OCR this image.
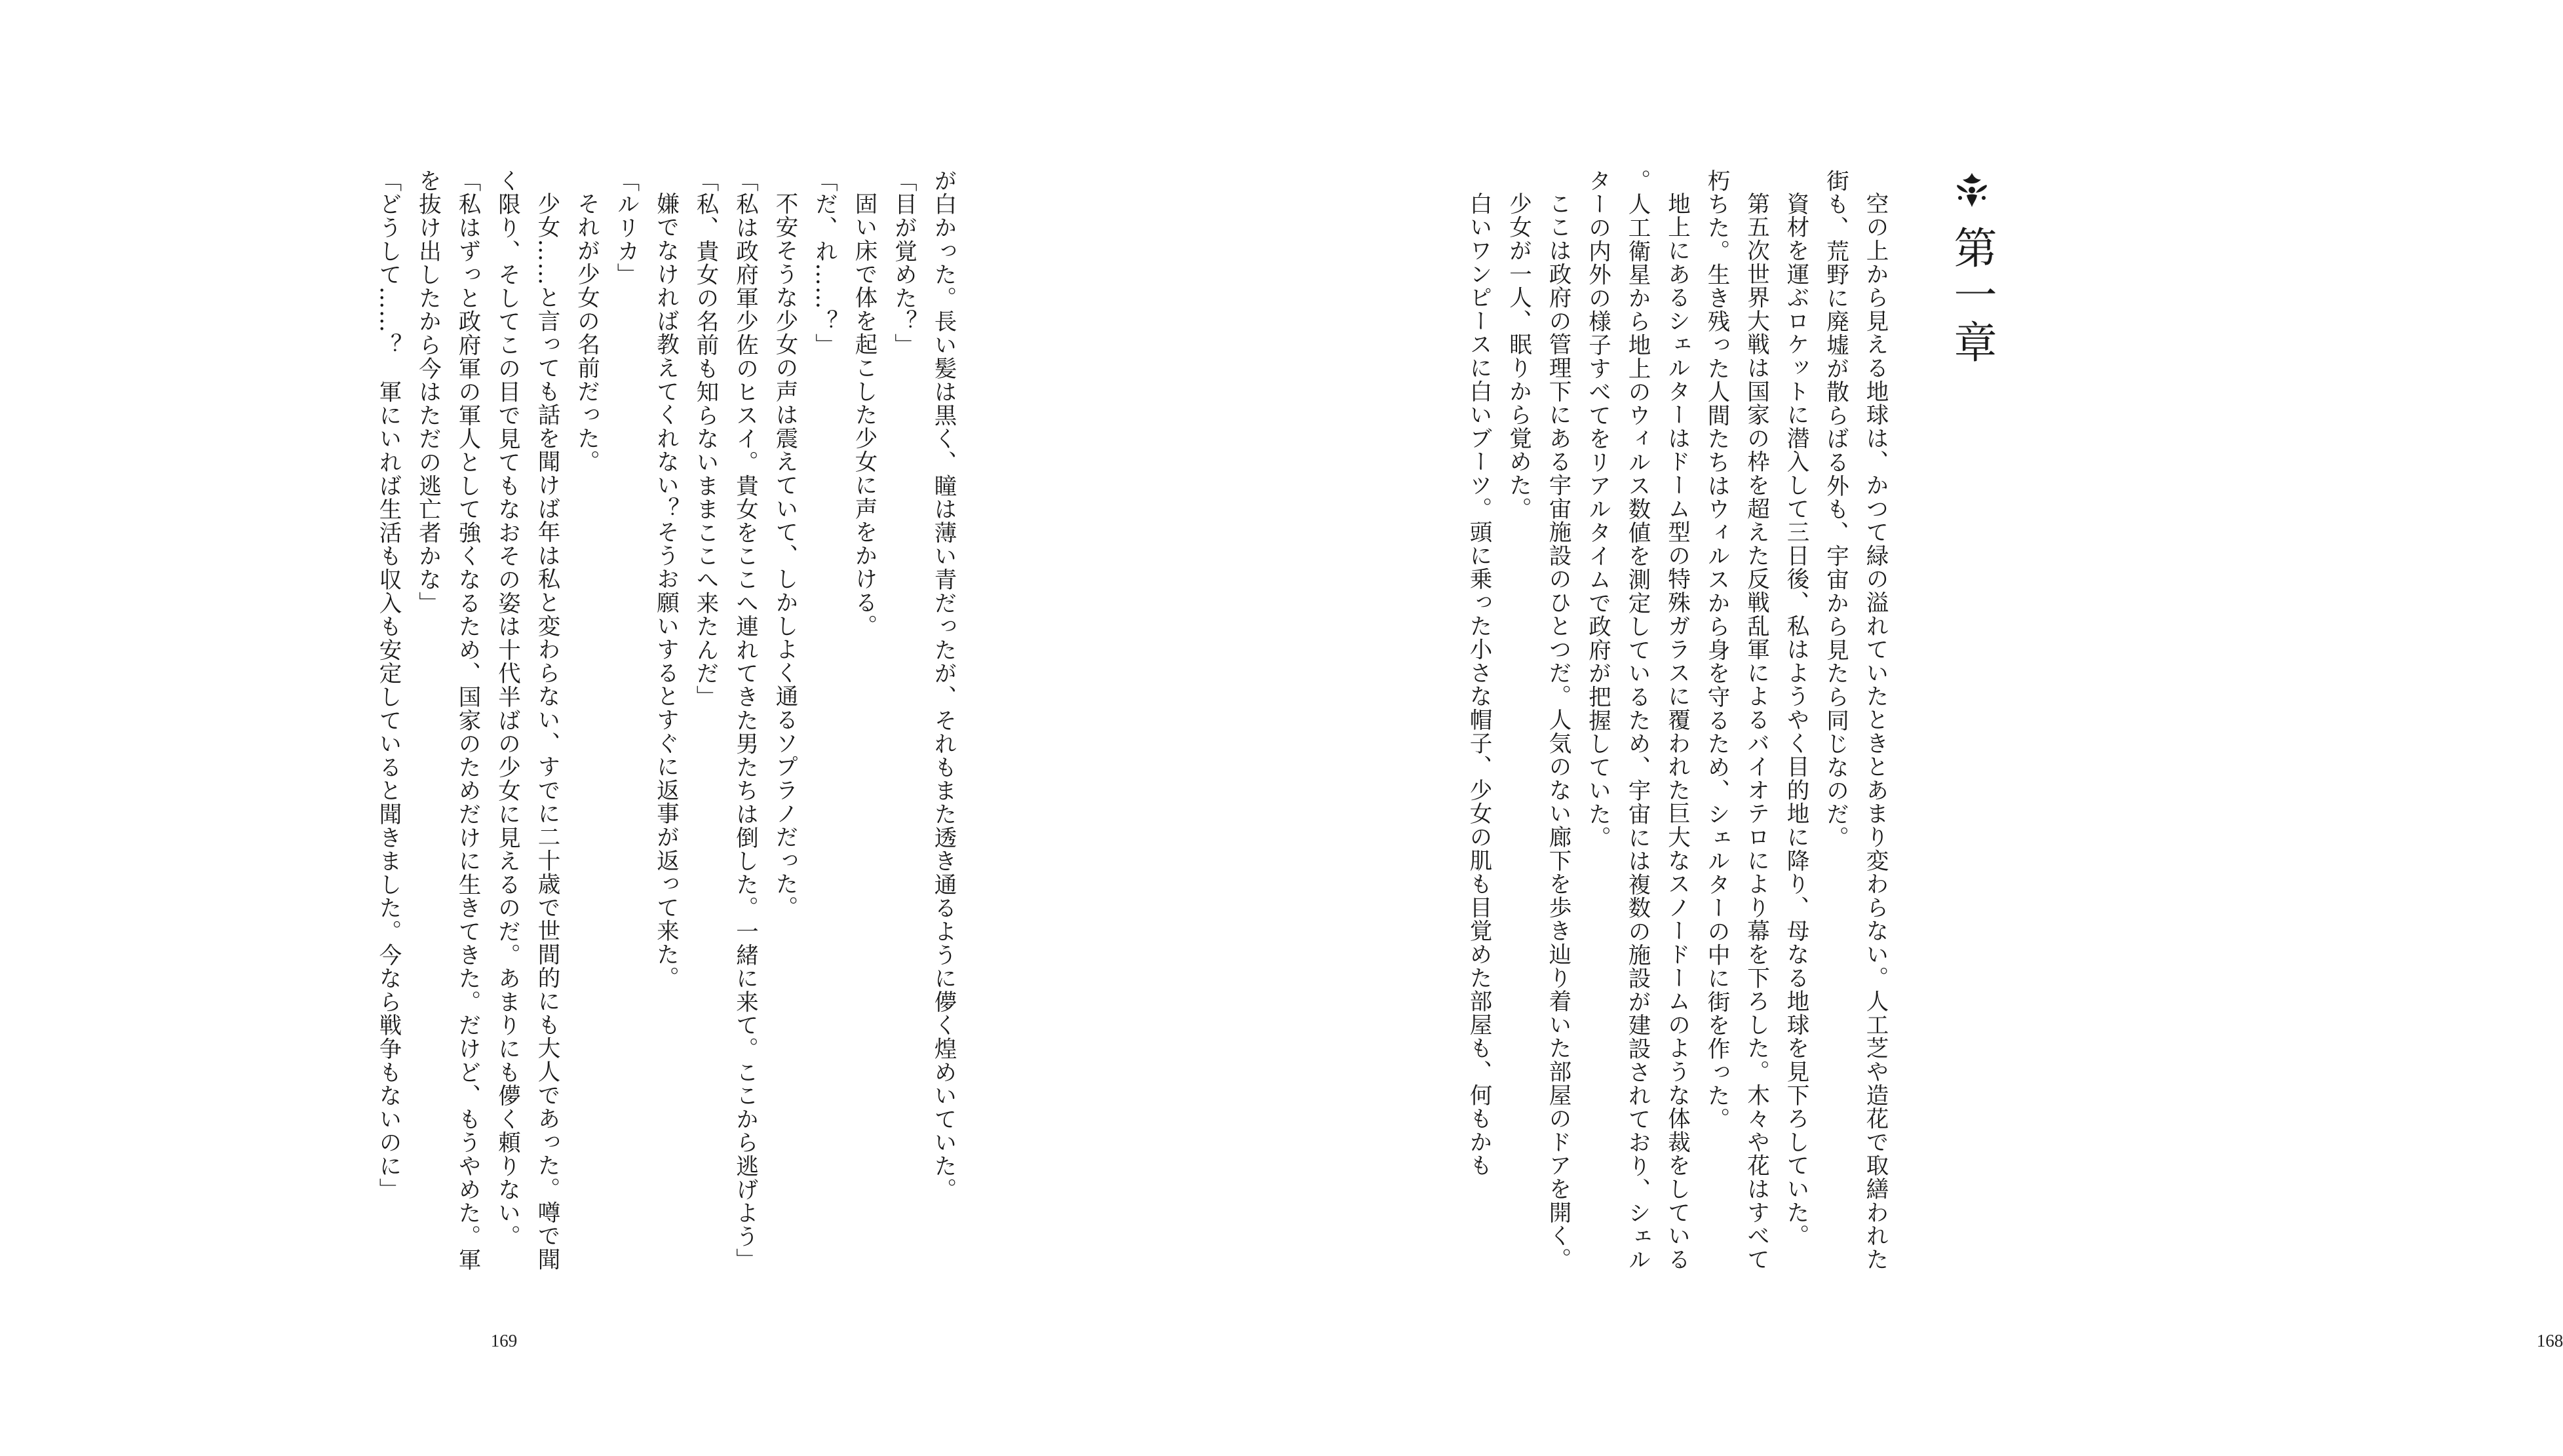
第一章

空の上から見える地球は、かつて緑の溢れていたときとあまり変わらない。人工芝や造花で取繕われた街も、荒野に廃墟が散らばる外も、宇宙から見たら同じなのだ。

資材を運ぶロケットに潜入して三日後、私はようやく目的地に降り、母なる地球を見下ろしていた。

第五次世界大戦は国家の枠を超えた反戦乱軍によるバイオテロにより幕を下ろした。木々や花はすべて朽ちた。生き残った人間たちはウィルスから身を守るため、シェルターの中に街を作った。

地上にあるシェルターはドーム型の特殊ガラスに覆われた巨大なスノードームのような体裁をしている。人工衛星から地上のウィルス数値を測定しているため、宇宙には複数の施設が建設されており、シェルターの内外の様子すべてをリアルタイムで政府が把握していた。

ここは政府の管理下にある宇宙施設のひとつだ。人気のない廊下を歩き辿り着いた部屋のドアを開く。

少女が一人、眠りから覚めた。

白いワンピースに白いブーツ。頭に乗った小さな帽子、少女の肌も目覚めた部屋も、何もかも

168

が白かった。長い髪は黒く、瞳は薄い青だったが、それもまた透き通るように儚く煌めいていた。

「目が覚めた？」

固い床で体を起こした少女に声をかける。

「だ、れ……？」

不安そうな少女の声は震えていて、しかしよく通るソプラノだった。

「私は政府軍少佐のヒスイ。貴女をここへ連れてきた男たちは倒した。一緒に来て。ここから逃げよう」

「私、貴女の名前も知らないままここへ来たんだ」

嫌でなければ教えてくれない？そうお願いするとすぐに返事が返って来た。

「ルリカ」

それが少女の名前だった。

少女……と言っても話を聞けば年は私と変わらない、すでに二十歳で世間的にも大人であった。噂で聞く限り、そしてこの目で見てもなおその姿は十代半ばの少女に見えるのだ。あまりにも儚く頼りない。

「私はずっと政府軍の軍人として強くなるため、国家のためだけに生きてきた。だけど、もうやめた。軍を抜け出したから今はただの逃亡者かな」

「どうして……？　軍にいれば生活も収入も安定していると聞きました。今なら戦争もないのに」

169
